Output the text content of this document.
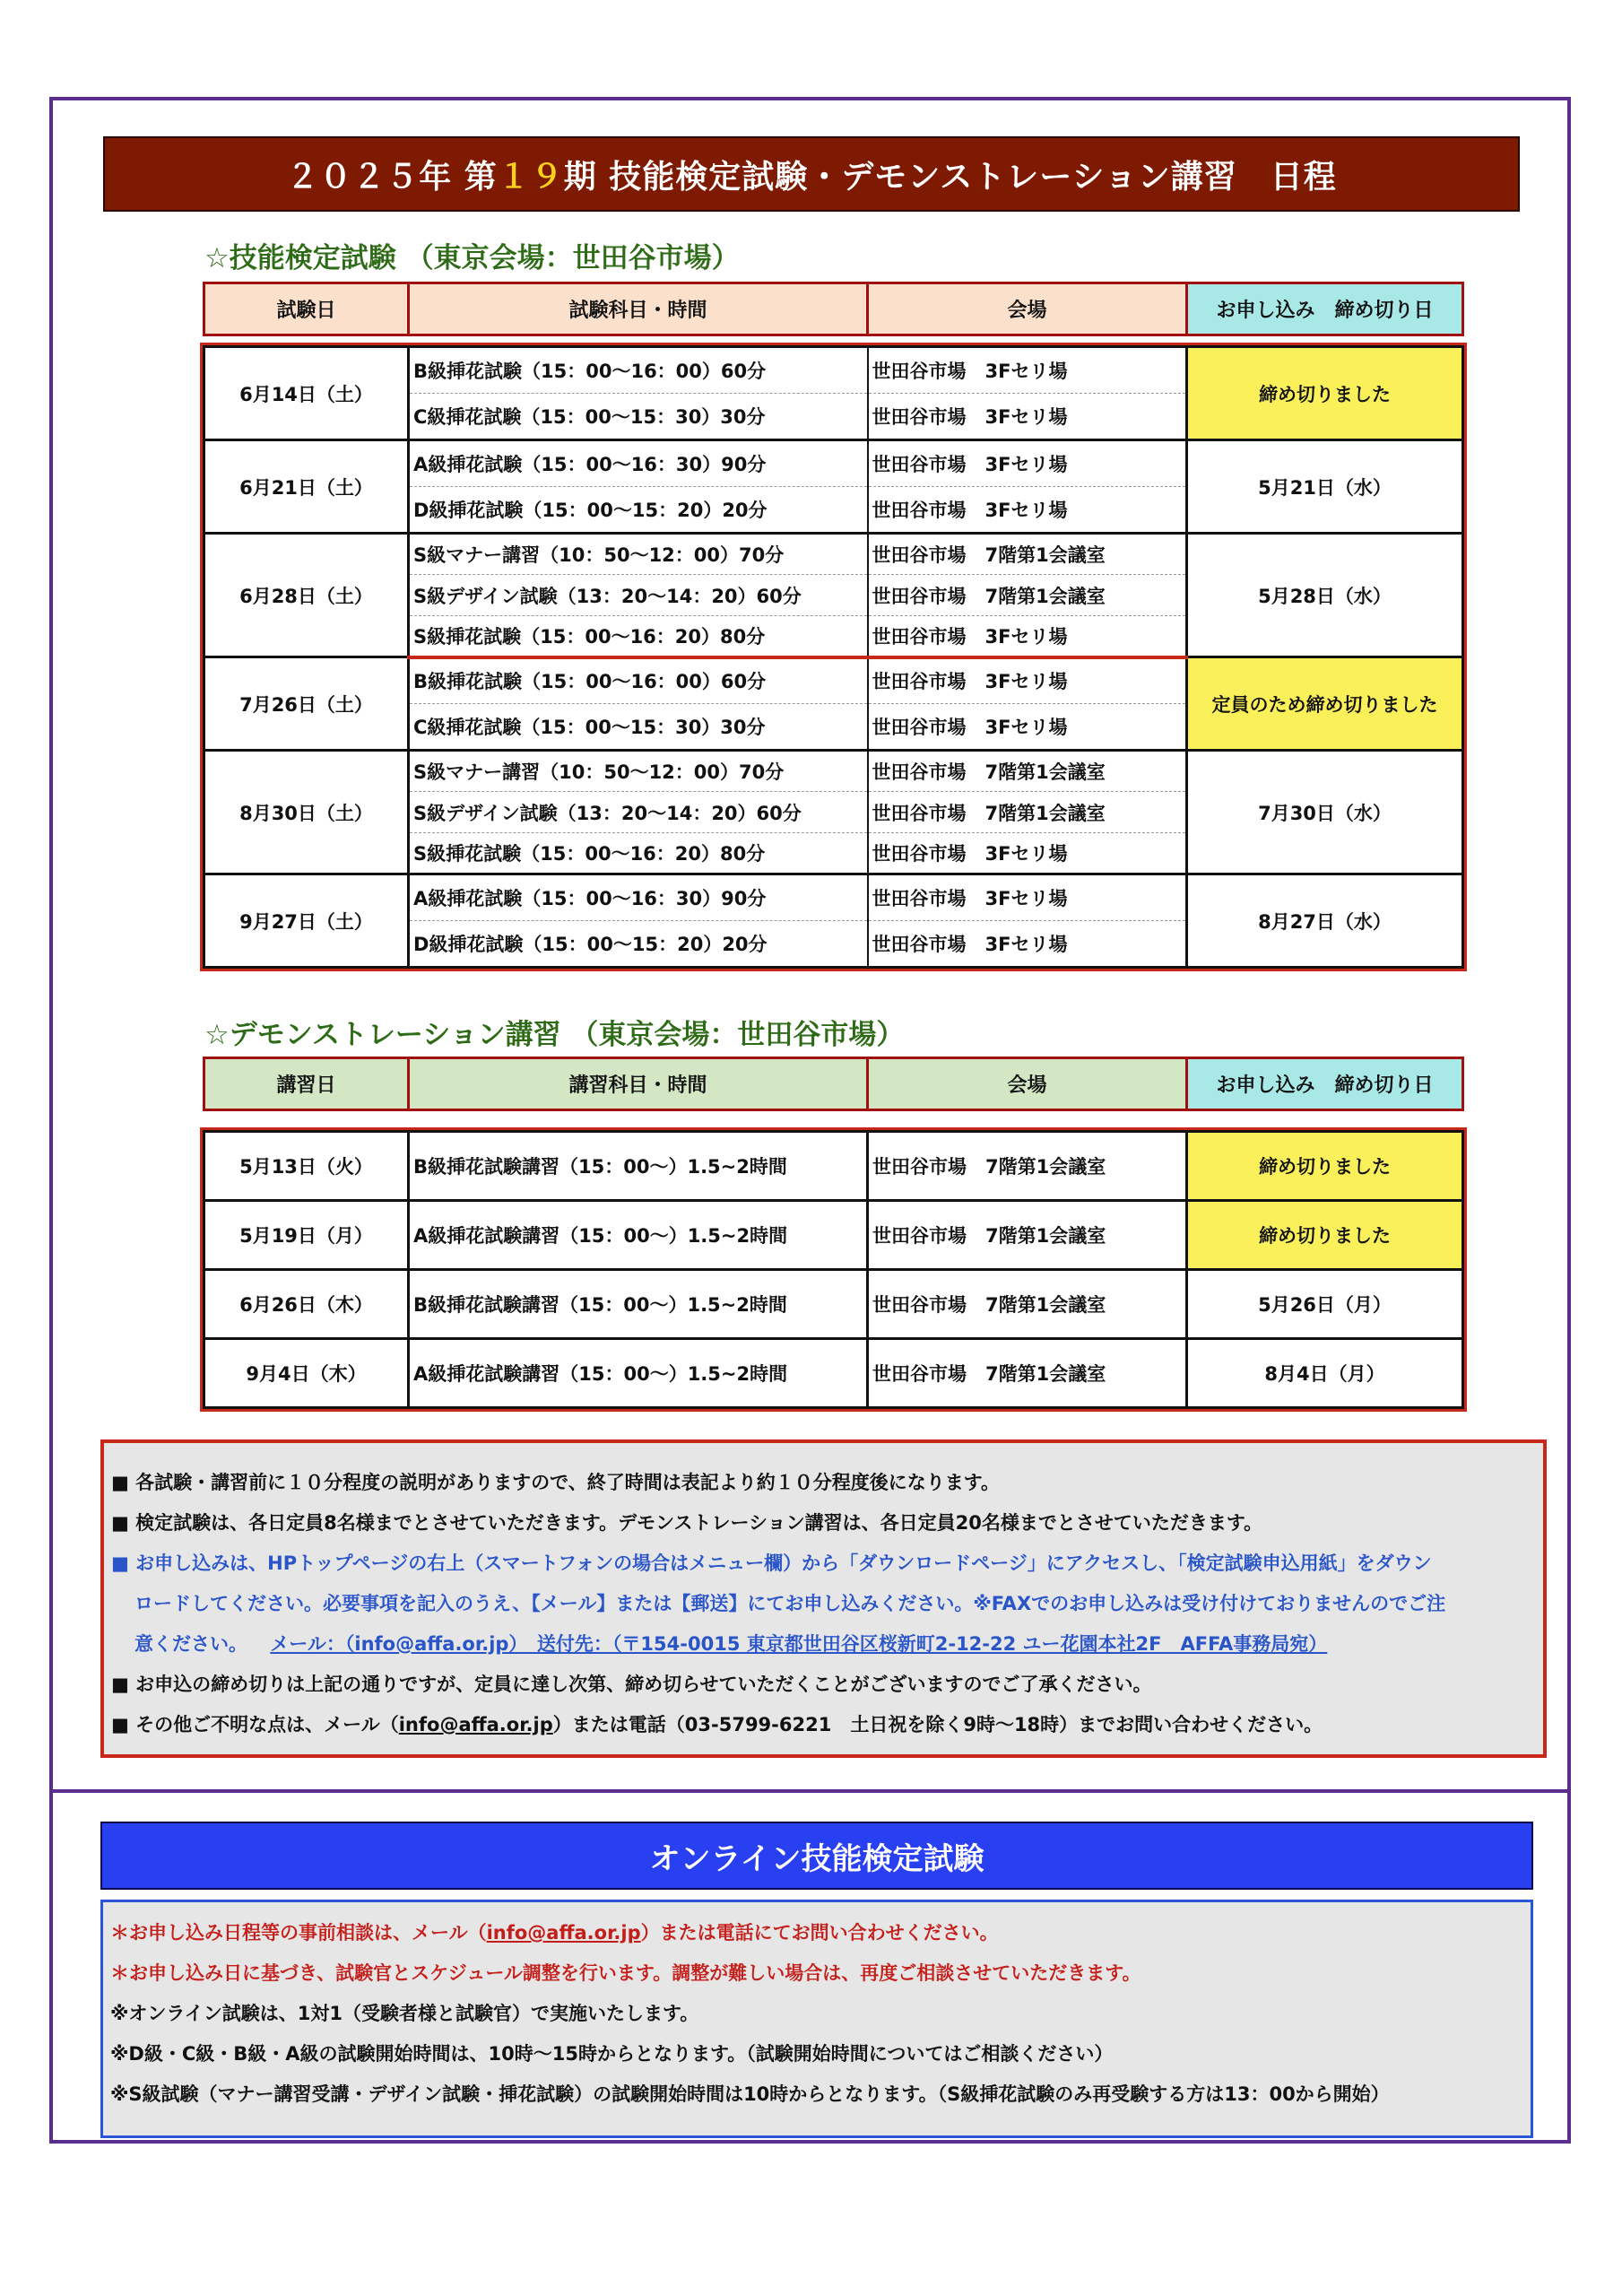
２０２５年 第 １９ 期 技能検定試験・デモンストレーション講習　日程
☆技能検定試験 （東京会場：世田谷市場）
試験日	試験科目・時間	会場	お申し込み　締め切り日
6月14日（土）	B級挿花試験（15：00〜16：00）60分	世田谷市場　3Fセリ場	締め切りました
	C級挿花試験（15：00〜15：30）30分	世田谷市場　3Fセリ場	
6月21日（土）	A級挿花試験（15：00〜16：30）90分	世田谷市場　3Fセリ場	5月21日（水）
	D級挿花試験（15：00〜15：20）20分	世田谷市場　3Fセリ場	
6月28日（土）	S級マナー講習（10：50〜12：00）70分	世田谷市場　7階第1会議室	5月28日（水）
	S級デザイン試験（13：20〜14：20）60分	世田谷市場　7階第1会議室	
	S級挿花試験（15：00〜16：20）80分	世田谷市場　3Fセリ場	
7月26日（土）	B級挿花試験（15：00〜16：00）60分	世田谷市場　3Fセリ場	定員のため締め切りました
	C級挿花試験（15：00〜15：30）30分	世田谷市場　3Fセリ場	
8月30日（土）	S級マナー講習（10：50〜12：00）70分	世田谷市場　7階第1会議室	7月30日（水）
	S級デザイン試験（13：20〜14：20）60分	世田谷市場　7階第1会議室	
	S級挿花試験（15：00〜16：20）80分	世田谷市場　3Fセリ場	
9月27日（土）	A級挿花試験（15：00〜16：30）90分	世田谷市場　3Fセリ場	8月27日（水）
	D級挿花試験（15：00〜15：20）20分	世田谷市場　3Fセリ場	
☆デモンストレーション講習 （東京会場：世田谷市場）
講習日	講習科目・時間	会場	お申し込み　締め切り日
5月13日（火）	B級挿花試験講習（15：00〜）1.5~2時間	世田谷市場　7階第1会議室	締め切りました
5月19日（月）	A級挿花試験講習（15：00〜）1.5~2時間	世田谷市場　7階第1会議室	締め切りました
6月26日（木）	B級挿花試験講習（15：00〜）1.5~2時間	世田谷市場　7階第1会議室	5月26日（月）
9月4日（木）	A級挿花試験講習（15：00〜）1.5~2時間	世田谷市場　7階第1会議室	8月4日（月）

■ 各試験・講習前に１０分程度の説明がありますので、終了時間は表記より約１０分程度後になります。

■ 検定試験は、各日定員8名様までとさせていただきます。デモンストレーション講習は、各日定員20名様までとさせていただきます。

■ お申し込みは、HPトップページの右上（スマートフォンの場合はメニュー欄）から「ダウンロードページ」にアクセスし、「検定試験申込用紙」をダウン

ロードしてください。必要事項を記入のうえ、【メール】または【郵送】にてお申し込みください。※FAXでのお申し込みは受け付けておりませんのでご注

意ください。 メール：（info@affa.or.jp）　送付先：（〒154-0015 東京都世田谷区桜新町2-12-22 ユー花園本社2F　AFFA事務局宛）

■ お申込の締め切りは上記の通りですが、定員に達し次第、締め切らせていただくことがございますのでご了承ください。

■ その他ご不明な点は、メール（info@affa.or.jp）または電話（03-5799-6221　土日祝を除く9時〜18時）までお問い合わせください。

オンライン技能検定試験

＊お申し込み日程等の事前相談は、メール（info@affa.or.jp）または電話にてお問い合わせください。

＊お申し込み日に基づき、試験官とスケジュール調整を行います。調整が難しい場合は、再度ご相談させていただきます。

※オンライン試験は、1対1（受験者様と試験官）で実施いたします。

※D級・C級・B級・A級の試験開始時間は、10時〜15時からとなります。（試験開始時間についてはご相談ください）

※S級試験（マナー講習受講・デザイン試験・挿花試験）の試験開始時間は10時からとなります。（S級挿花試験のみ再受験する方は13：00から開始）
